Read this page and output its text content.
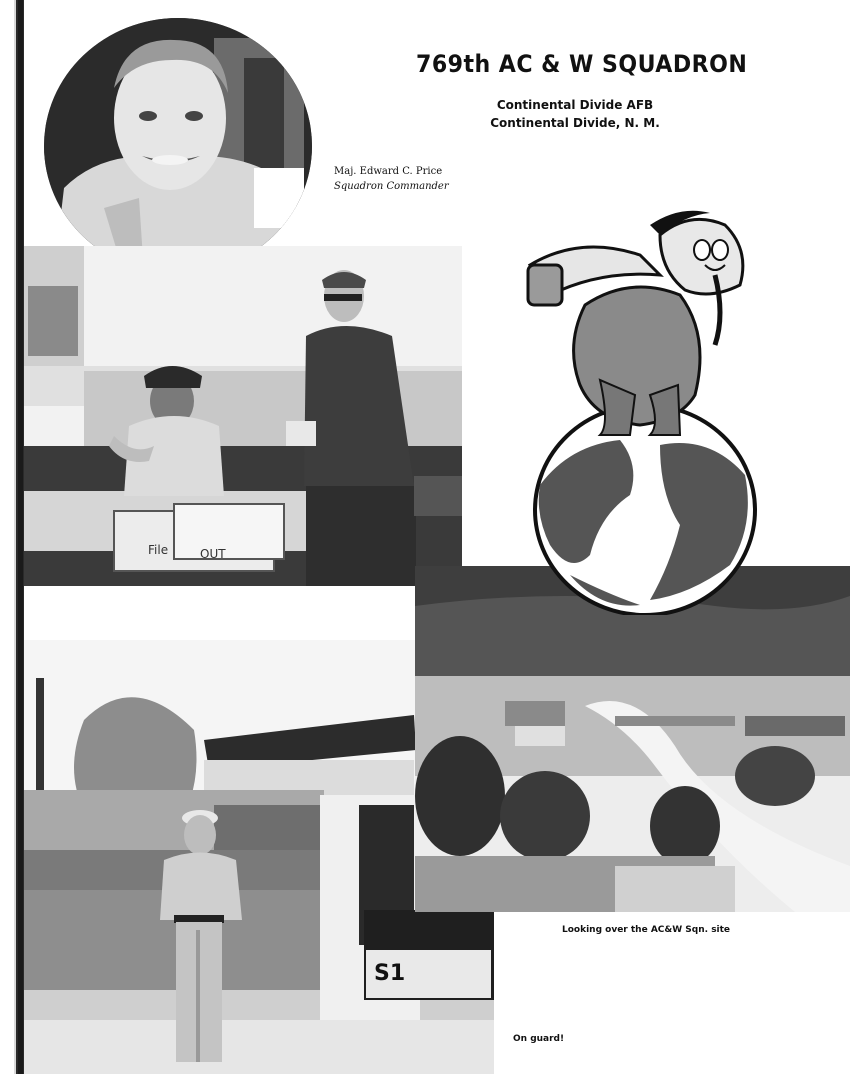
769th AC & W SQUADRON
Continental Divide AFB
Continental Divide, N. M.
Maj. Edward C. Price
Squadron Commander
File	OUT
S1
Looking over the AC&W Sqn. site
On guard!
